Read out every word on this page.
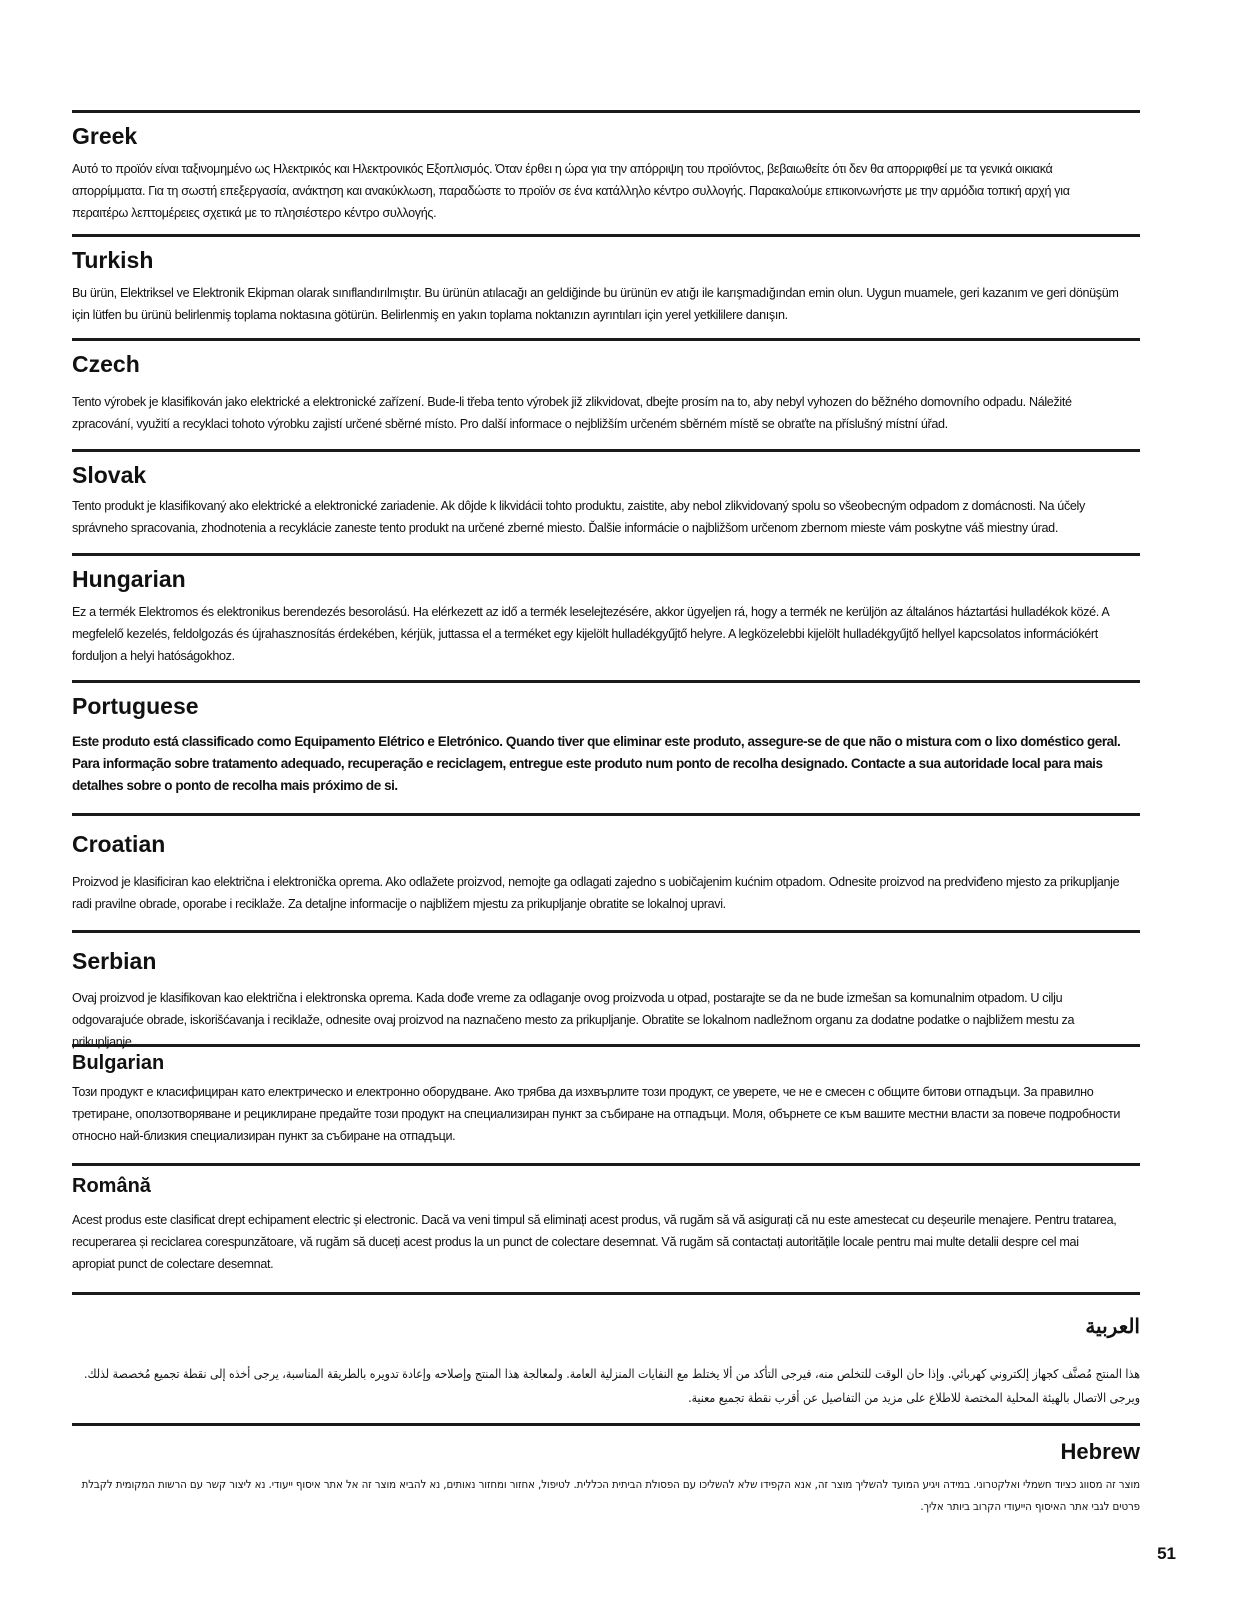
Greek

Αυτό το προϊόν είναι ταξινομημένο ως Ηλεκτρικός και Ηλεκτρονικός Εξοπλισμός. Όταν έρθει η ώρα για την απόρριψη του προϊόντος, βεβαιωθείτε ότι δεν θα απορριφθεί με τα γενικά οικιακά απορρίμματα. Για τη σωστή επεξεργασία, ανάκτηση και ανακύκλωση, παραδώστε το προϊόν σε ένα κατάλληλο κέντρο συλλογής. Παρακαλούμε επικοινωνήστε με την αρμόδια τοπική αρχή για περαιτέρω λεπτομέρειες σχετικά με το πλησιέστερο κέντρο συλλογής.

Turkish

Bu ürün, Elektriksel ve Elektronik Ekipman olarak sınıflandırılmıştır. Bu ürünün atılacağı an geldiğinde bu ürünün ev atığı ile karışmadığından emin olun. Uygun muamele, geri kazanım ve geri dönüşüm için lütfen bu ürünü belirlenmiş toplama noktasına götürün. Belirlenmiş en yakın toplama noktanızın ayrıntıları için yerel yetkililere danışın.

Czech

Tento výrobek je klasifikován jako elektrické a elektronické zařízení. Bude-li třeba tento výrobek již zlikvidovat, dbejte prosím na to, aby nebyl vyhozen do běžného domovního odpadu. Náležité zpracování, využití a recyklaci tohoto výrobku zajistí určené sběrné místo. Pro další informace o nejbližším určeném sběrném místě se obraťte na příslušný místní úřad.

Slovak

Tento produkt je klasifikovaný ako elektrické a elektronické zariadenie. Ak dôjde k likvidácii tohto produktu, zaistite, aby nebol zlikvidovaný spolu so všeobecným odpadom z domácnosti. Na účely správneho spracovania, zhodnotenia a recyklácie zaneste tento produkt na určené zberné miesto. Ďalšie informácie o najbližšom určenom zbernom mieste vám poskytne váš miestny úrad.

Hungarian

Ez a termék Elektromos és elektronikus berendezés besorolású. Ha elérkezett az idő a termék leselejtezésére, akkor ügyeljen rá, hogy a termék ne kerüljön az általános háztartási hulladékok közé. A megfelelő kezelés, feldolgozás és újrahasznosítás érdekében, kérjük, juttassa el a terméket egy kijelölt hulladékgyűjtő helyre. A legközelebbi kijelölt hulladékgyűjtő hellyel kapcsolatos információkért forduljon a helyi hatóságokhoz.

Portuguese

Este produto está classificado como Equipamento Elétrico e Eletrónico. Quando tiver que eliminar este produto, assegure-se de que não o mistura com o lixo doméstico geral. Para informação sobre tratamento adequado, recuperação e reciclagem, entregue este produto num ponto de recolha designado. Contacte a sua autoridade local para mais detalhes sobre o ponto de recolha mais próximo de si.

Croatian

Proizvod je klasificiran kao električna i elektronička oprema. Ako odlažete proizvod, nemojte ga odlagati zajedno s uobičajenim kućnim otpadom. Odnesite proizvod na predviđeno mjesto za prikupljanje radi pravilne obrade, oporabe i reciklaže. Za detaljne informacije o najbližem mjestu za prikupljanje obratite se lokalnoj upravi.

Serbian

Ovaj proizvod je klasifikovan kao električna i elektronska oprema. Kada dođe vreme za odlaganje ovog proizvoda u otpad, postarajte se da ne bude izmešan sa komunalnim otpadom. U cilju odgovarajuće obrade, iskorišćavanja i reciklaže, odnesite ovaj proizvod na naznačeno mesto za prikupljanje. Obratite se lokalnom nadležnom organu za dodatne podatke o najbližem mestu za prikupljanje.

Bulgarian

Този продукт е класифициран като електрическо и електронно оборудване. Ако трябва да изхвърлите този продукт, се уверете, че не е смесен с общите битови отпадъци. За правилно третиране, оползотворяване и рециклиране предайте този продукт на специализиран пункт за събиране на отпадъци. Моля, обърнете се към вашите местни власти за повече подробности относно най-близкия специализиран пункт за събиране на отпадъци.

Română

Acest produs este clasificat drept echipament electric și electronic. Dacă va veni timpul să eliminați acest produs, vă rugăm să vă asigurați că nu este amestecat cu deșeurile menajere. Pentru tratarea, recuperarea și reciclarea corespunzătoare, vă rugăm să duceți acest produs la un punct de colectare desemnat. Vă rugăm să contactați autoritățile locale pentru mai multe detalii despre cel mai apropiat punct de colectare desemnat.

العربية

هذا المنتج مُصنَّف كجهاز إلكتروني كهربائي. وإذا حان الوقت للتخلص منه، فيرجى التأكد من ألا يختلط مع النفايات المنزلية العامة. ولمعالجة هذا المنتج وإصلاحه وإعادة تدويره بالطريقة المناسبة، يرجى أخذه إلى نقطة تجميع مُخصصة لذلك. ويرجى الاتصال بالهيئة المحلية المختصة للاطلاع على مزيد من التفاصيل عن أقرب نقطة تجميع معنية.

Hebrew

מוצר זה מסווג כציוד חשמלי ואלקטרוני. במידה ויגיע המועד להשליך מוצר זה, אנא הקפידו שלא להשליכו עם הפסולת הביתית הכללית. לטיפול, אחזור ומחזור נאותים, נא להביא מוצר זה אל אתר איסוף ייעודי. נא ליצור קשר עם הרשות המקומית לקבלת פרטים לגבי אתר האיסוף הייעודי הקרוב ביותר אליך.

51
